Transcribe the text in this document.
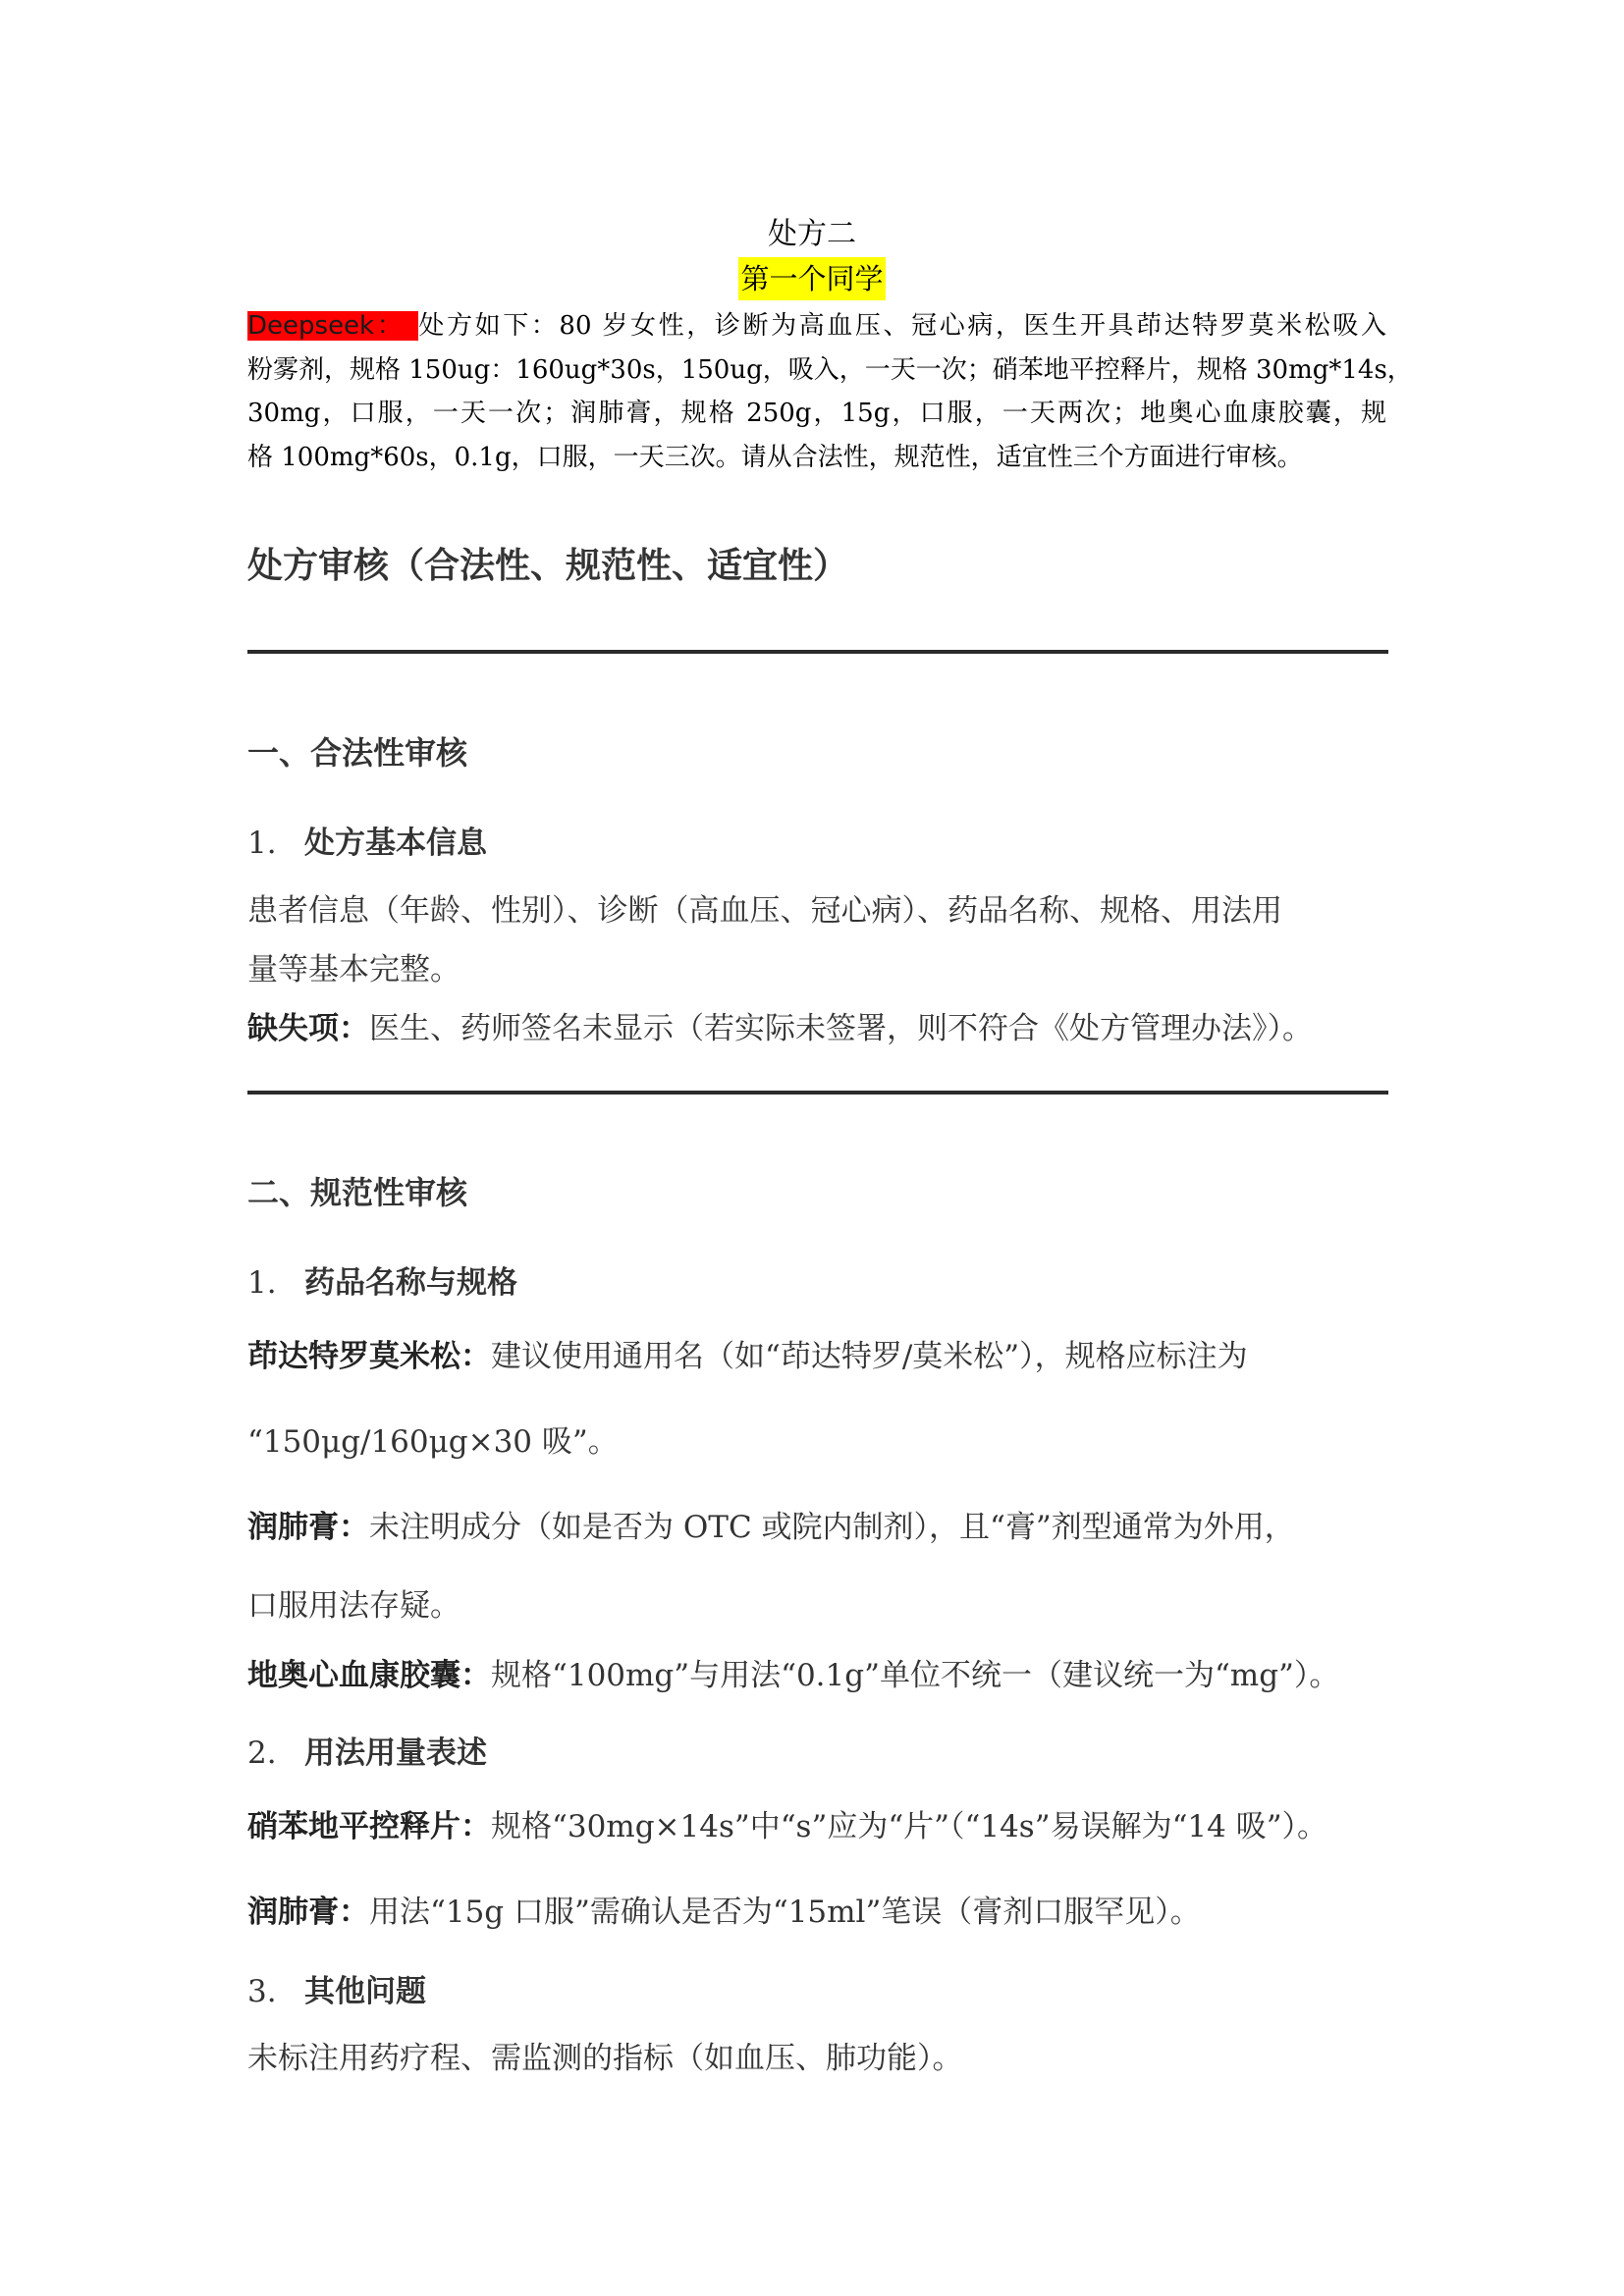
处方二
第一个同学
Deepseek： 处方如下：80 岁女性，诊断为高血压、冠心病，医生开具茚达特罗莫米松吸入
粉雾剂，规格 150ug：160ug*30s，150ug，吸入，一天一次；硝苯地平控释片，规格 30mg*14s，
30mg，口服，一天一次；润肺膏，规格 250g，15g，口服，一天两次；地奥心血康胶囊，规
格 100mg*60s，0.1g，口服，一天三次。请从合法性，规范性，适宜性三个方面进行审核。
处方审核（合法性、规范性、适宜性）
一、合法性审核
1. 处方基本信息
患者信息（年龄、性别）、诊断（高血压、冠心病）、药品名称、规格、用法用
量等基本完整。
缺失项：医生、药师签名未显示（若实际未签署，则不符合《处方管理办法》）。
二、规范性审核
1. 药品名称与规格
茚达特罗莫米松：建议使用通用名（如“茚达特罗/莫米松”），规格应标注为
“150μg/160μg×30 吸”。
润肺膏：未注明成分（如是否为 OTC 或院内制剂），且“膏”剂型通常为外用，
口服用法存疑。
地奥心血康胶囊：规格“100mg”与用法“0.1g”单位不统一（建议统一为“mg”）。
2. 用法用量表述
硝苯地平控释片：规格“30mg×14s”中“s”应为“片”（“14s”易误解为“14 吸”）。
润肺膏：用法“15g 口服”需确认是否为“15ml”笔误（膏剂口服罕见）。
3. 其他问题
未标注用药疗程、需监测的指标（如血压、肺功能）。
